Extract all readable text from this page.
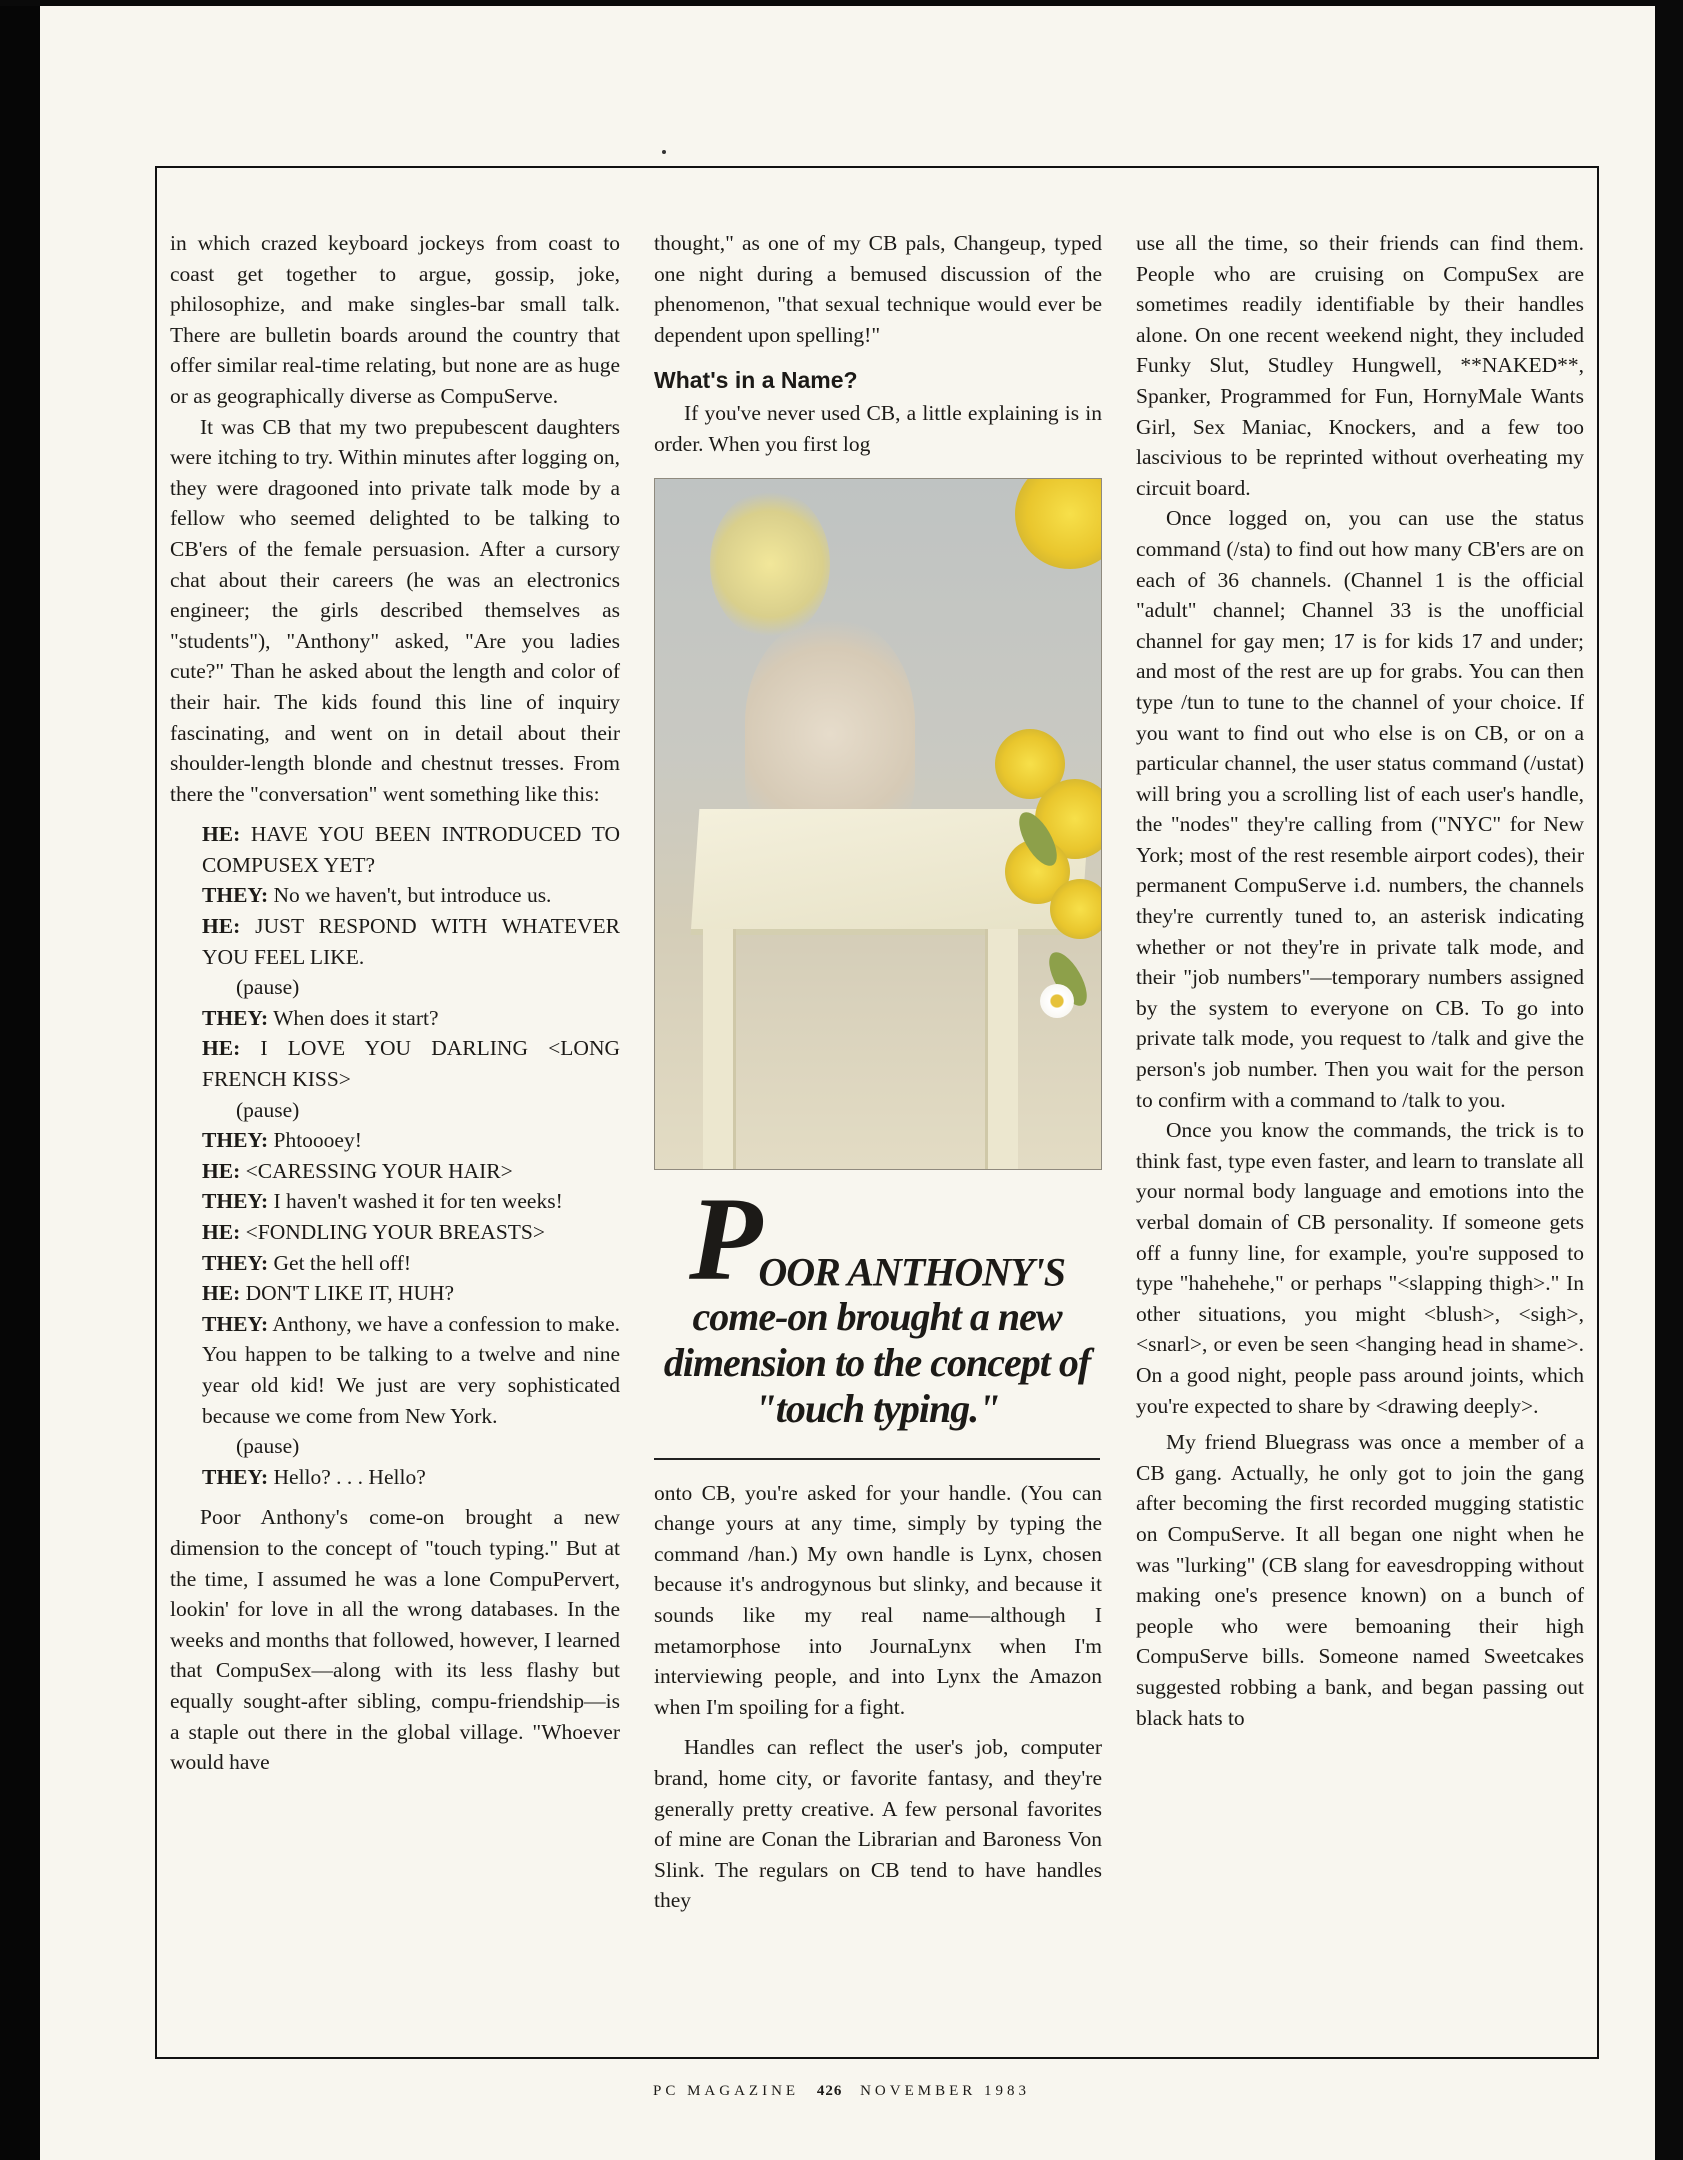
in which crazed keyboard jockeys from coast to coast get together to argue, gossip, joke, philosophize, and make singles-bar small talk. There are bulletin boards around the country that offer similar real-time relating, but none are as huge or as geographically diverse as CompuServe.

It was CB that my two prepubescent daughters were itching to try. Within minutes after logging on, they were dragooned into private talk mode by a fellow who seemed delighted to be talking to CB'ers of the female persuasion. After a cursory chat about their careers (he was an electronics engineer; the girls described themselves as "students"), "Anthony" asked, "Are you ladies cute?" Than he asked about the length and color of their hair. The kids found this line of inquiry fascinating, and went on in detail about their shoulder-length blonde and chestnut tresses. From there the "conversation" went something like this:

HE: HAVE YOU BEEN INTRODUCED TO COMPUSEX YET?
THEY: No we haven't, but introduce us.
HE: JUST RESPOND WITH WHATEVER YOU FEEL LIKE.
(pause)
THEY: When does it start?
HE: I LOVE YOU DARLING <LONG FRENCH KISS>
(pause)
THEY: Phtoooey!
HE: <CARESSING YOUR HAIR>
THEY: I haven't washed it for ten weeks!
HE: <FONDLING YOUR BREASTS>
THEY: Get the hell off!
HE: DON'T LIKE IT, HUH?
THEY: Anthony, we have a confession to make. You happen to be talking to a twelve and nine year old kid! We just are very sophisticated because we come from New York.
(pause)
THEY: Hello? . . . Hello?

Poor Anthony's come-on brought a new dimension to the concept of "touch typing." But at the time, I assumed he was a lone CompuPervert, lookin' for love in all the wrong databases. In the weeks and months that followed, however, I learned that CompuSex—along with its less flashy but equally sought-after sibling, compu-friendship—is a staple out there in the global village. "Whoever would have

thought," as one of my CB pals, Changeup, typed one night during a bemused discussion of the phenomenon, "that sexual technique would ever be dependent upon spelling!"

What's in a Name?

If you've never used CB, a little explaining is in order. When you first log

POOR ANTHONY'S
come-on brought a new dimension to the concept of "touch typing."

onto CB, you're asked for your handle. (You can change yours at any time, simply by typing the command /han.) My own handle is Lynx, chosen because it's androgynous but slinky, and because it sounds like my real name—although I metamorphose into JournaLynx when I'm interviewing people, and into Lynx the Amazon when I'm spoiling for a fight.

Handles can reflect the user's job, computer brand, home city, or favorite fantasy, and they're generally pretty creative. A few personal favorites of mine are Conan the Librarian and Baroness Von Slink. The regulars on CB tend to have handles they

use all the time, so their friends can find them. People who are cruising on CompuSex are sometimes readily identifiable by their handles alone. On one recent weekend night, they included Funky Slut, Studley Hungwell, **NAKED**, Spanker, Programmed for Fun, HornyMale Wants Girl, Sex Maniac, Knockers, and a few too lascivious to be reprinted without overheating my circuit board.

Once logged on, you can use the status command (/sta) to find out how many CB'ers are on each of 36 channels. (Channel 1 is the official "adult" channel; Channel 33 is the unofficial channel for gay men; 17 is for kids 17 and under; and most of the rest are up for grabs. You can then type /tun to tune to the channel of your choice. If you want to find out who else is on CB, or on a particular channel, the user status command (/ustat) will bring you a scrolling list of each user's handle, the "nodes" they're calling from ("NYC" for New York; most of the rest resemble airport codes), their permanent CompuServe i.d. numbers, the channels they're currently tuned to, an asterisk indicating whether or not they're in private talk mode, and their "job numbers"—temporary numbers assigned by the system to everyone on CB. To go into private talk mode, you request to /talk and give the person's job number. Then you wait for the person to confirm with a command to /talk to you.

Once you know the commands, the trick is to think fast, type even faster, and learn to translate all your normal body language and emotions into the verbal domain of CB personality. If someone gets off a funny line, for example, you're supposed to type "hahehehe," or perhaps "<slapping thigh>." In other situations, you might <blush>, <sigh>, <snarl>, or even be seen <hanging head in shame>. On a good night, people pass around joints, which you're expected to share by <drawing deeply>.

My friend Bluegrass was once a member of a CB gang. Actually, he only got to join the gang after becoming the first recorded mugging statistic on CompuServe. It all began one night when he was "lurking" (CB slang for eavesdropping without making one's presence known) on a bunch of people who were bemoaning their high CompuServe bills. Someone named Sweetcakes suggested robbing a bank, and began passing out black hats to

PC MAGAZINE 426 NOVEMBER 1983
